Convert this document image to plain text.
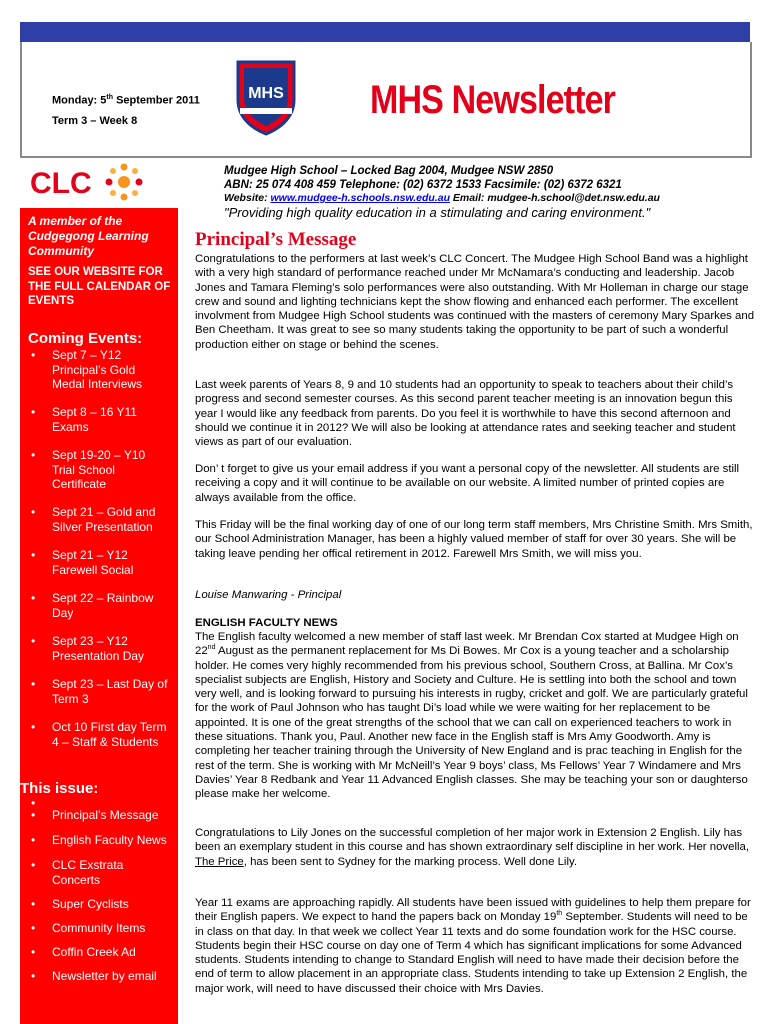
Monday: 5th September 2011
Term 3 – Week 8
MHS MHS Newsletter
CLC
A member of the Cudgegong Learning Community
SEE OUR WEBSITE FOR THE FULL CALENDAR OF EVENTS
Coming Events:
• Sept 7 – Y12 Principal’s Gold Medal Interviews
• Sept 8 – 16 Y11 Exams
• Sept 19-20 – Y10 Trial School Certificate
• Sept 21 – Gold and Silver Presentation
• Sept 21 – Y12 Farewell Social
• Sept 22 – Rainbow Day
• Sept 23 – Y12 Presentation Day
• Sept 23 – Last Day of Term 3
• Oct 10 First day Term 4 – Staff & Students
This issue:
•
• Principal’s Message
• English Faculty News
• CLC Exstrata Concerts
• Super Cyclists
• Community Items
• Coffin Creek Ad
• Newsletter by email
Mudgee High School – Locked Bag 2004, Mudgee NSW 2850
ABN: 25 074 408 459 Telephone: (02) 6372 1533 Facsimile: (02) 6372 6321
Website: www.mudgee-h.schools.nsw.edu.au Email: mudgee-h.school@det.nsw.edu.au
"Providing high quality education in a stimulating and caring environment."
Principal’s Message

Congratulations to the performers at last week’s CLC Concert. The Mudgee High School Band was a highlight with a very high standard of performance reached under Mr McNamara’s conducting and leadership. Jacob Jones and Tamara Fleming’s solo performances were also outstanding. With Mr Holleman in charge our stage crew and sound and lighting technicians kept the show flowing and enhanced each performer. The excellent involvment from Mudgee High School students was continued with the masters of ceremony Mary Sparkes and Ben Cheetham. It was great to see so many students taking the opportunity to be part of such a wonderful production either on stage or behind the scenes.

Last week parents of Years 8, 9 and 10 students had an opportunity to speak to teachers about their child’s progress and second semester courses. As this second parent teacher meeting is an innovation begun this year I would like any feedback from parents. Do you feel it is worthwhile to have this second afternoon and should we continue it in 2012? We will also be looking at attendance rates and seeking teacher and student views as part of our evaluation.

Don’ t forget to give us your email address if you want a personal copy of the newsletter. All students are still receiving a copy and it will continue to be available on our website. A limited number of printed copies are always available from the office.

This Friday will be the final working day of one of our long term staff members, Mrs Christine Smith. Mrs Smith, our School Administration Manager, has been a highly valued member of staff for over 30 years. She will be taking leave pending her offical retirement in 2012. Farewell Mrs Smith, we will miss you.

Louise Manwaring - Principal

ENGLISH FACULTY NEWS

The English faculty welcomed a new member of staff last week. Mr Brendan Cox started at Mudgee High on 22nd August as the permanent replacement for Ms Di Bowes. Mr Cox is a young teacher and a scholarship holder. He comes very highly recommended from his previous school, Southern Cross, at Ballina. Mr Cox’s specialist subjects are English, History and Society and Culture. He is settling into both the school and town very well, and is looking forward to pursuing his interests in rugby, cricket and golf. We are particularly grateful for the work of Paul Johnson who has taught Di’s load while we were waiting for her replacement to be appointed. It is one of the great strengths of the school that we can call on experienced teachers to work in these situations. Thank you, Paul. Another new face in the English staff is Mrs Amy Goodworth. Amy is completing her teacher training through the University of New England and is prac teaching in English for the rest of the term. She is working with Mr McNeill’s Year 9 boys’ class, Ms Fellows’ Year 7 Windamere and Mrs Davies’ Year 8 Redbank and Year 11 Advanced English classes. She may be teaching your son or daughterso please make her welcome.

Congratulations to Lily Jones on the successful completion of her major work in Extension 2 English. Lily has been an exemplary student in this course and has shown extraordinary self discipline in her work. Her novella, The Price, has been sent to Sydney for the marking process. Well done Lily.

Year 11 exams are approaching rapidly. All students have been issued with guidelines to help them prepare for their English papers. We expect to hand the papers back on Monday 19th September. Students will need to be in class on that day. In that week we collect Year 11 texts and do some foundation work for the HSC course. Students begin their HSC course on day one of Term 4 which has significant implications for some Advanced students. Students intending to change to Standard English will need to have made their decision before the end of term to allow placement in an appropriate class. Students intending to take up Extension 2 English, the major work, will need to have discussed their choice with Mrs Davies.
